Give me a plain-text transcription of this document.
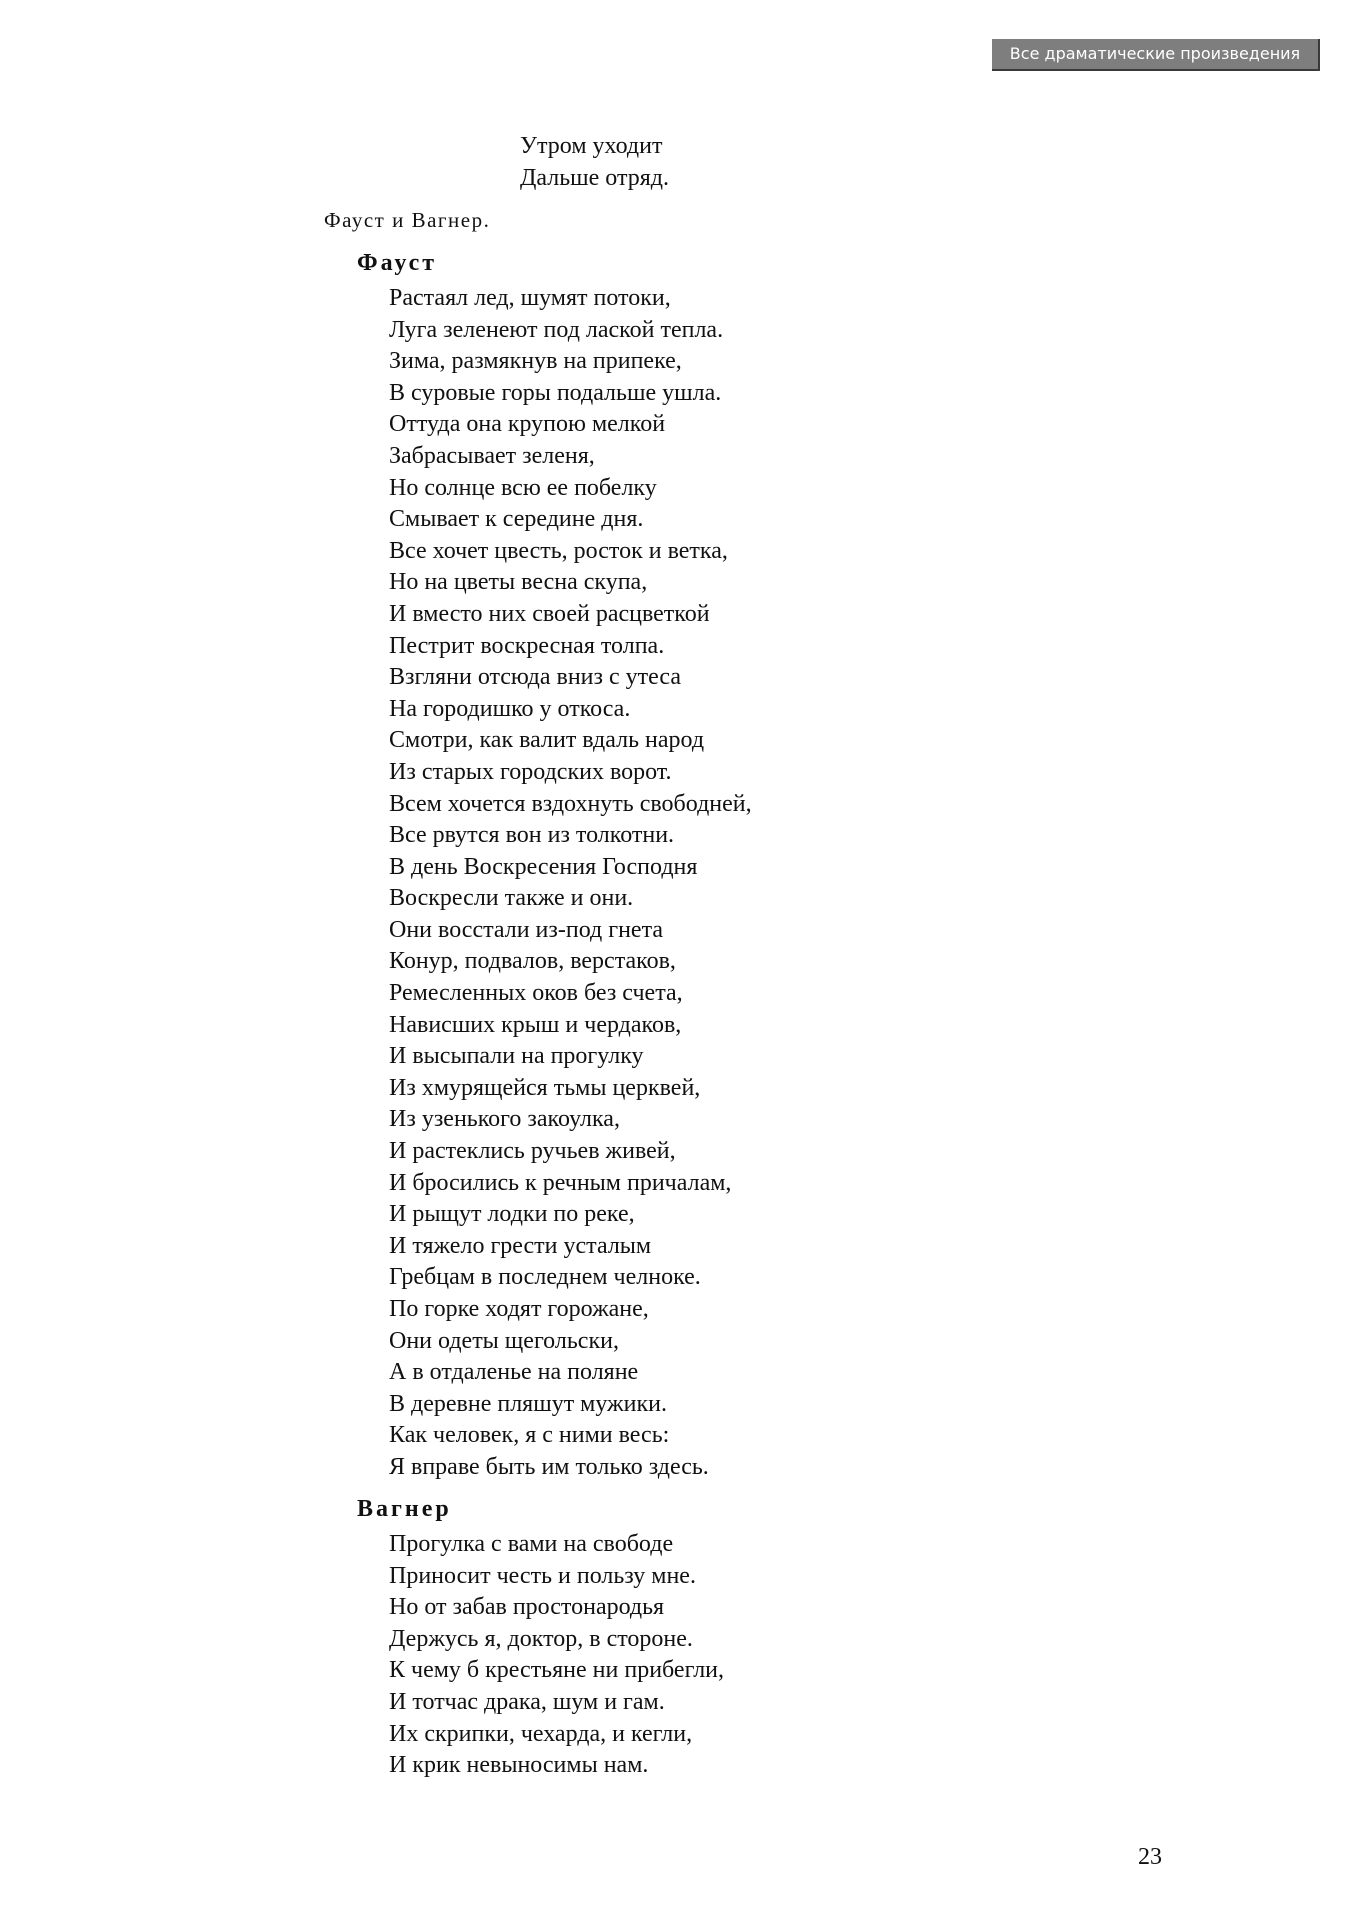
Все драматические произведения
Утром уходит
Дальше отряд.
Фауст и Вагнер.
Фауст
Растаял лед, шумят потоки,
Луга зеленеют под лаской тепла.
Зима, размякнув на припеке,
В суровые горы подальше ушла.
Оттуда она крупою мелкой
Забрасывает зеленя,
Но солнце всю ее побелку
Смывает к середине дня.
Все хочет цвесть, росток и ветка,
Но на цветы весна скупа,
И вместо них своей расцветкой
Пестрит воскресная толпа.
Взгляни отсюда вниз с утеса
На городишко у откоса.
Смотри, как валит вдаль народ
Из старых городских ворот.
Всем хочется вздохнуть свободней,
Все рвутся вон из толкотни.
В день Воскресения Господня
Воскресли также и они.
Они восстали из-под гнета
Конур, подвалов, верстаков,
Ремесленных оков без счета,
Нависших крыш и чердаков,
И высыпали на прогулку
Из хмурящейся тьмы церквей,
Из узенького закоулка,
И растеклись ручьев живей,
И бросились к речным причалам,
И рыщут лодки по реке,
И тяжело грести усталым
Гребцам в последнем челноке.
По горке ходят горожане,
Они одеты щегольски,
А в отдаленье на поляне
В деревне пляшут мужики.
Как человек, я с ними весь:
Я вправе быть им только здесь.
Вагнер
Прогулка с вами на свободе
Приносит честь и пользу мне.
Но от забав простонародья
Держусь я, доктор, в стороне.
К чему б крестьяне ни прибегли,
И тотчас драка, шум и гам.
Их скрипки, чехарда, и кегли,
И крик невыносимы нам.
23
